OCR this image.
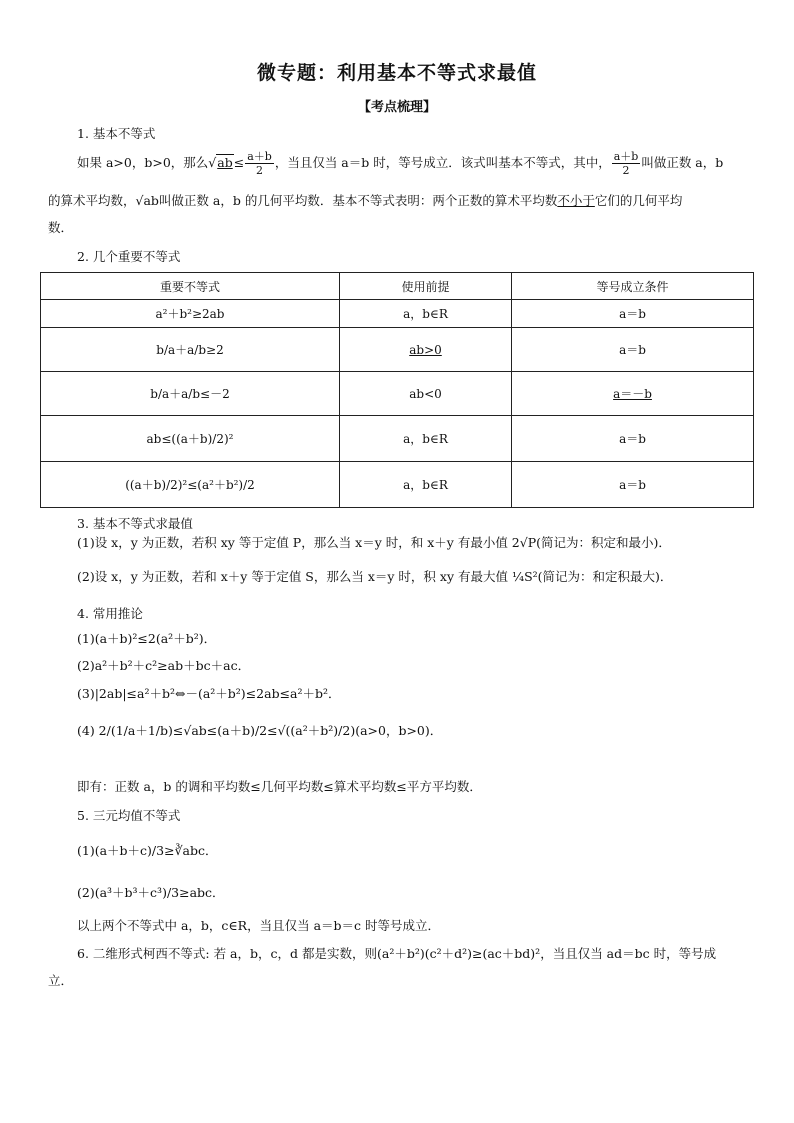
微专题：利用基本不等式求最值
【考点梳理】
1. 基本不等式
如果 a>0，b>0，那么$√ab\le \frac{a+b}{2}$ ，当且仅当 a＝b 时，等号成立．该式叫基本不等式，其中， $\frac{a+b}{2}$ 叫做正数 a，b
的算术平均数，√ab叫做正数 a，b 的几何平均数．基本不等式表明：两个正数的算术平均数不小于它们的几何平均
数．
2. 几个重要不等式
重要不等式	使用前提	等号成立条件
a²＋b²≥2ab	a，b∈R	a＝b
b/a＋a/b≥2	ab>0	a＝b
b/a＋a/b≤－2	ab<0	a＝－b
ab≤((a＋b)/2)²	a，b∈R	a＝b
((a＋b)/2)²≤(a²＋b²)/2	a，b∈R	a＝b
3. 基本不等式求最值
(1)设 x，y 为正数，若积 xy 等于定值 P，那么当 x＝y 时，和 x＋y 有最小值 2√P(简记为：积定和最小)．
(2)设 x，y 为正数，若和 x＋y 等于定值 S，那么当 x＝y 时，积 xy 有最大值 ¼S²(简记为：和定积最大)．
4. 常用推论
(1)(a＋b)²≤2(a²＋b²)．
(2)a²＋b²＋c²≥ab＋bc＋ac．
(3)|2ab|≤a²＋b²⇔－(a²＋b²)≤2ab≤a²＋b²．
(4) 2/(1/a＋1/b)≤√ab≤(a＋b)/2≤√((a²＋b²)/2)(a>0，b>0)．
即有：正数 a，b 的调和平均数≤几何平均数≤算术平均数≤平方平均数．
5. 三元均值不等式
(1)(a＋b＋c)/3≥∛abc．
(2)(a³＋b³＋c³)/3≥abc．
以上两个不等式中 a，b，c∈R，当且仅当 a＝b＝c 时等号成立．
6. 二维形式柯西不等式: 若 a，b，c，d 都是实数，则(a²＋b²)(c²＋d²)≥(ac＋bd)²，当且仅当 ad＝bc 时，等号成
立．
